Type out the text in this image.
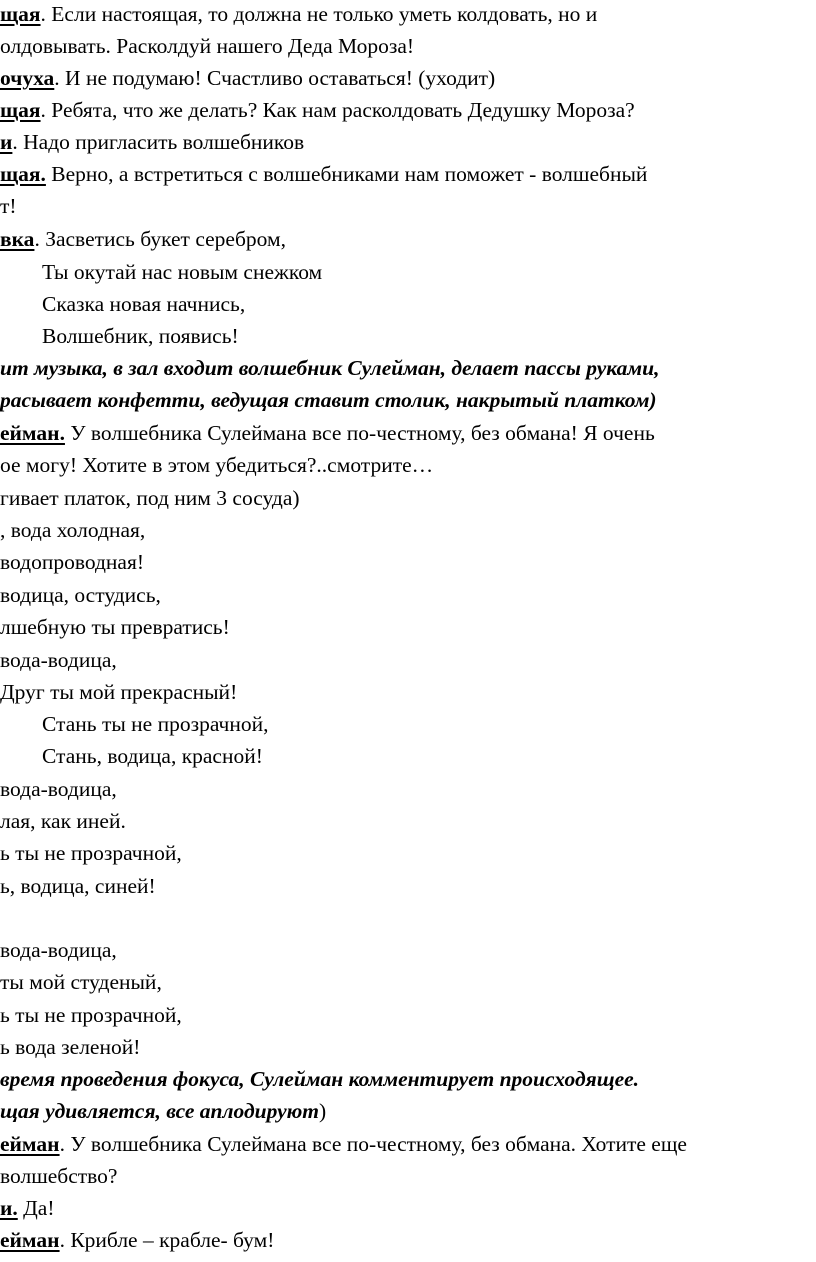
щая. Если настоящая, то должна не только уметь колдовать, но и
олдовывать. Расколдуй нашего Деда Мороза!
очуха. И не подумаю! Счастливо оставаться! (уходит)
щая. Ребята, что же делать? Как нам расколдовать Дедушку Мороза?
и. Надо пригласить волшебников
щая. Верно, а встретиться с волшебниками нам поможет - волшебный
т!
вка. Засветись букет серебром,
Ты окутай нас новым снежком
Сказка новая начнись,
Волшебник, появись!
ит музыка, в зал входит волшебник Сулейман, делает пассы руками,
расывает конфетти, ведущая ставит столик, накрытый платком)
ейман. У волшебника Сулеймана все по-честному, без обмана! Я очень
ое могу! Хотите в этом убедиться?..смотрите…
гивает платок, под ним 3 сосуда)
, вода холодная,
водопроводная!
водица, остудись,
лшебную ты превратись!
вода-водица,
Друг ты мой прекрасный!
Стань ты не прозрачной,
Стань, водица, красной!
вода-водица,
лая, как иней.
ь ты не прозрачной,
ь, водица, синей!
вода-водица,
ты мой студеный,
ь ты не прозрачной,
ь вода зеленой!
время проведения фокуса, Сулейман комментирует происходящее.
щая удивляется, все аплодируют)
ейман. У волшебника Сулеймана все по-честному, без обмана. Хотите еще
волшебство?
и. Да!
ейман. Крибле – крабле- бум!
